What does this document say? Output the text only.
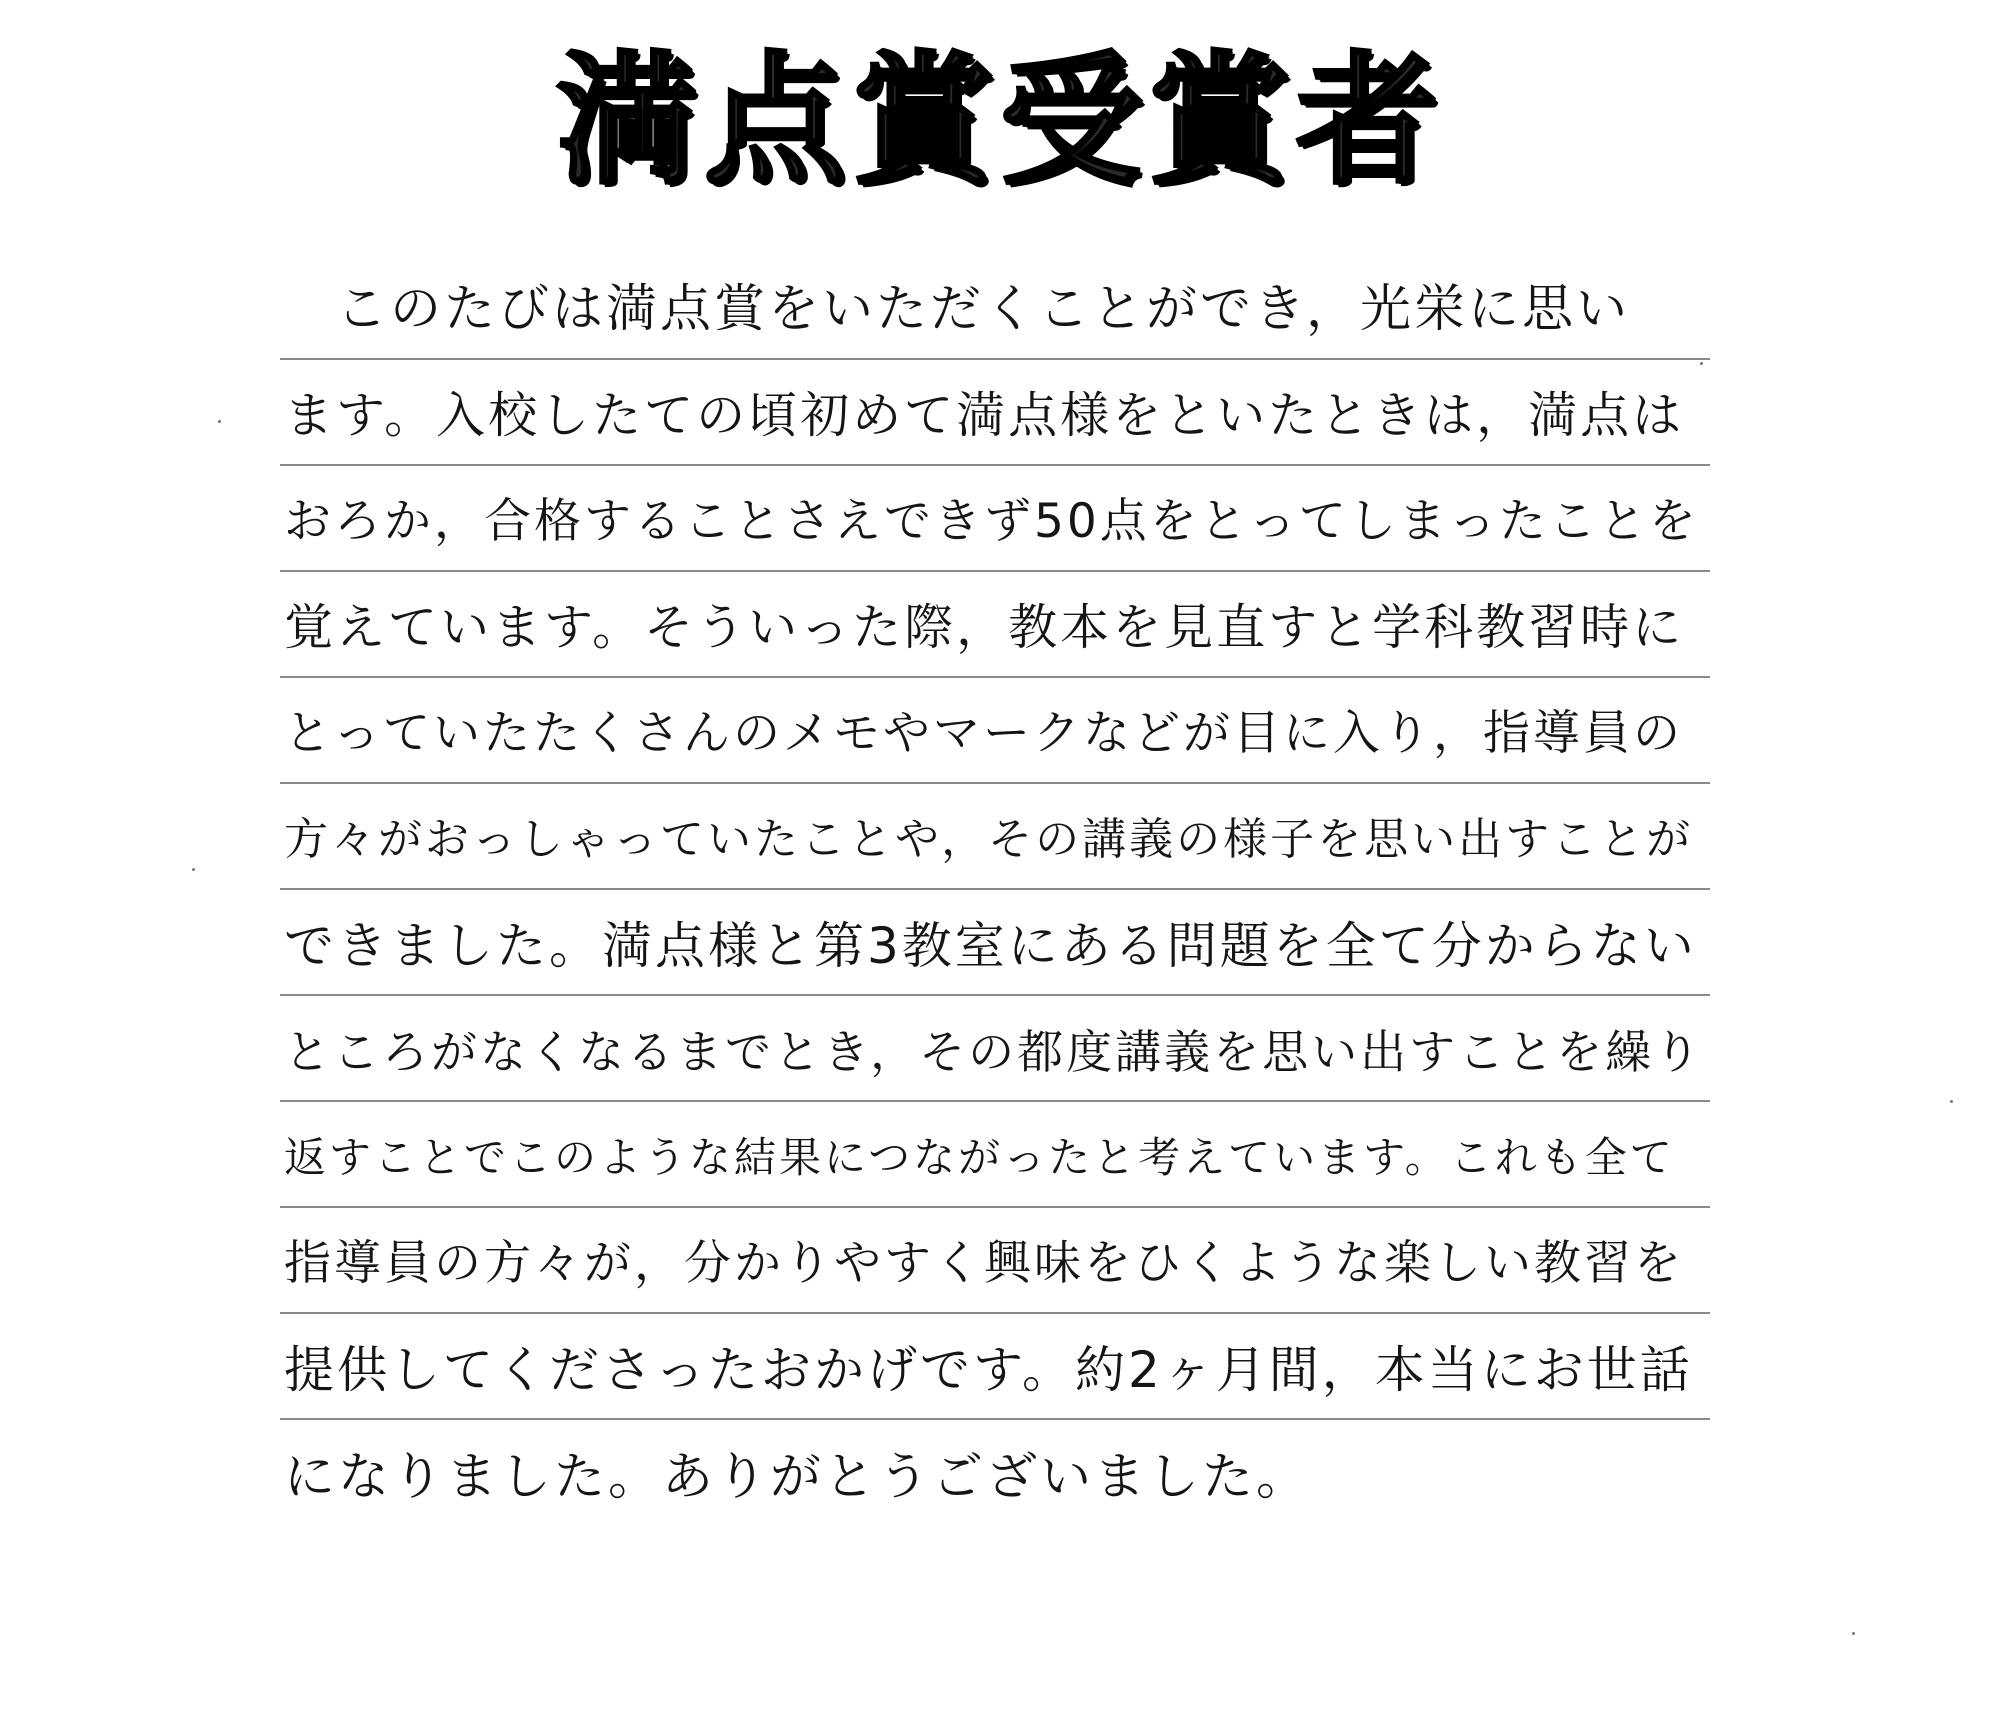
満点賞受賞者
このたびは満点賞をいただくことができ，光栄に思い
ます。入校したての頃初めて満点様をといたときは，満点は
おろか，合格することさえできず50点をとってしまったことを
覚えています。そういった際，教本を見直すと学科教習時に
とっていたたくさんのメモやマークなどが目に入り，指導員の
方々がおっしゃっていたことや，その講義の様子を思い出すことが
できました。満点様と第3教室にある問題を全て分からない
ところがなくなるまでとき，その都度講義を思い出すことを繰り
返すことでこのような結果につながったと考えています。これも全て
指導員の方々が，分かりやすく興味をひくような楽しい教習を
提供してくださったおかげです。約2ヶ月間，本当にお世話
になりました。ありがとうございました。
